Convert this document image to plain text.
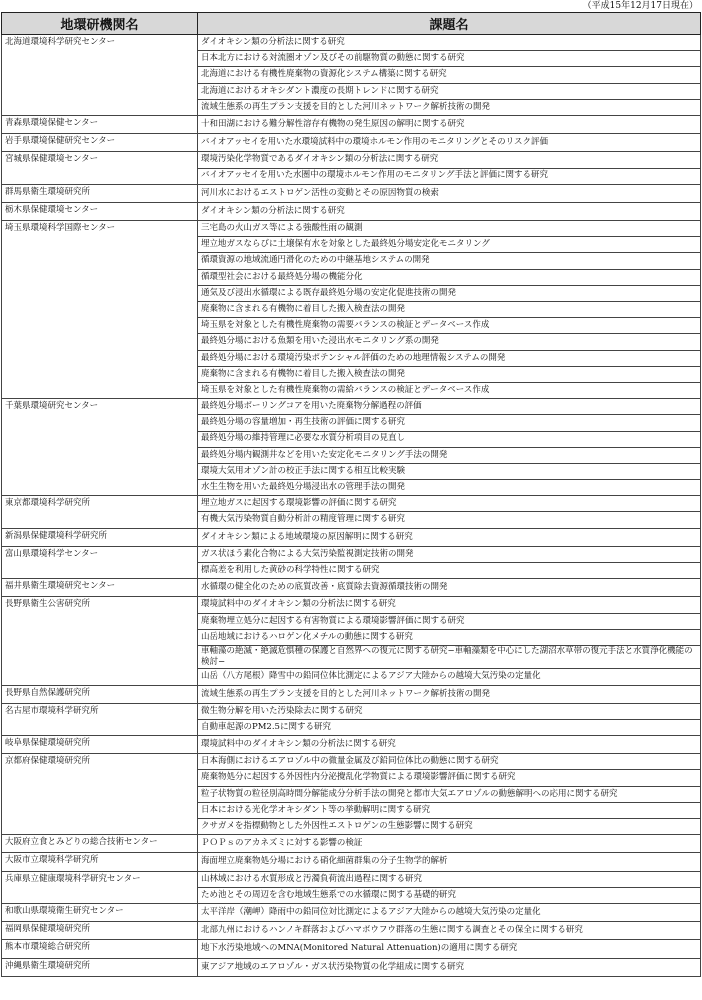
（平成15年12月17日現在）
地環研機関名	課題名
北海道環境科学研究センター	ダイオキシン類の分析法に関する研究
	日本北方における対流圏オゾン及びその前駆物質の動態に関する研究
	北海道における有機性廃棄物の資源化システム構築に関する研究
	北海道におけるオキシダント濃度の長期トレンドに関する研究
	流域生態系の再生プラン支援を目的とした河川ネットワーク解析技術の開発
青森県環境保健センター	十和田湖における難分解性溶存有機物の発生原因の解明に関する研究
岩手県環境保健研究センター	バイオアッセイを用いた水環境試料中の環境ホルモン作用のモニタリングとそのリスク評価
宮城県保健環境センター	環境汚染化学物質であるダイオキシン類の分析法に関する研究
	バイオアッセイを用いた水圏中の環境ホルモン作用のモニタリング手法と評価に関する研究
群馬県衛生環境研究所	河川水におけるエストロゲン活性の変動とその原因物質の検索
栃木県保健環境センター	ダイオキシン類の分析法に関する研究
埼玉県環境科学国際センター	三宅島の火山ガス等による強酸性雨の観測
	埋立地ガスならびに土壌保有水を対象とした最終処分場安定化モニタリング
	循環資源の地域流通円滑化のための中継基地システムの開発
	循環型社会における最終処分場の機能分化
	通気及び浸出水循環による既存最終処分場の安定化促進技術の開発
	廃棄物に含まれる有機物に着目した搬入検査法の開発
	埼玉県を対象とした有機性廃棄物の需要バランスの検証とデータベース作成
	最終処分場における魚類を用いた浸出水モニタリング系の開発
	最終処分場における環境汚染ポテンシャル評価のための地理情報システムの開発
	廃棄物に含まれる有機物に着目した搬入検査法の開発
	埼玉県を対象とした有機性廃棄物の需給バランスの検証とデータベース作成
千葉県環境研究センター	最終処分場ボーリングコアを用いた廃棄物分解過程の評価
	最終処分場の容量増加・再生技術の評価に関する研究
	最終処分場の維持管理に必要な水質分析項目の見直し
	最終処分場内観測井などを用いた安定化モニタリング手法の開発
	環境大気用オゾン計の校正手法に関する相互比較実験
	水生生物を用いた最終処分場浸出水の管理手法の開発
東京都環境科学研究所	埋立地ガスに起因する環境影響の評価に関する研究
	有機大気汚染物質自動分析計の精度管理に関する研究
新潟県保健環境科学研究所	ダイオキシン類による地域環境の原因解明に関する研究
富山県環境科学センター	ガス状ほう素化合物による大気汚染監視測定技術の開発
	標高差を利用した黄砂の科学特性に関する研究
福井県衛生環境研究センター	水循環の健全化のための底質改善・底質除去資源循環技術の開発
長野県衛生公害研究所	環境試料中のダイオキシン類の分析法に関する研究
	廃棄物埋立処分に起因する有害物質による環境影響評価に関する研究
	山岳地域におけるハロゲン化メチルの動態に関する研究
	車軸藻の絶滅・絶滅危惧種の保護と自然界への復元に関する研究−車軸藻類を中心にした湖沼水草帯の復元手法と水質浄化機能の検討−
	山岳（八方尾根）降雪中の鉛同位体比測定によるアジア大陸からの越境大気汚染の定量化
長野県自然保護研究所	流域生態系の再生プラン支援を目的とした河川ネットワーク解析技術の開発
名古屋市環境科学研究所	微生物分解を用いた汚染除去に関する研究
	自動車起源のPM2.5に関する研究
岐阜県保健環境研究所	環境試料中のダイオキシン類の分析法に関する研究
京都府保健環境研究所	日本海側におけるエアロゾル中の微量金属及び鉛同位体比の動態に関する研究
	廃棄物処分に起因する外因性内分泌攪乱化学物質による環境影響評価に関する研究
	粒子状物質の粒径別高時間分解能成分分析手法の開発と都市大気エアロゾルの動態解明への応用に関する研究
	日本における光化学オキシダント等の挙動解明に関する研究
	クサガメを指標動物とした外因性エストロゲンの生態影響に関する研究
大阪府立食とみどりの総合技術センター	ＰＯＰｓのアカネズミに対する影響の検証
大阪市立環境科学研究所	海面埋立廃棄物処分場における硝化細菌群集の分子生物学的解析
兵庫県立健康環境科学研究センター	山林域における水質形成と汚濁負荷流出過程に関する研究
	ため池とその周辺を含む地域生態系での水循環に関する基礎的研究
和歌山県環境衛生研究センター	太平洋岸（潮岬）降雨中の鉛同位対比測定によるアジア大陸からの越境大気汚染の定量化
福岡県保健環境研究所	北部九州におけるハンノキ群落およびハマボウフウ群落の生態に関する調査とその保全に関する研究
熊本市環境総合研究所	地下水汚染地域へのMNA(Monitored Natural Attenuation)の適用に関する研究
沖縄県衛生環境研究所	東アジア地域のエアロゾル・ガス状汚染物質の化学組成に関する研究
